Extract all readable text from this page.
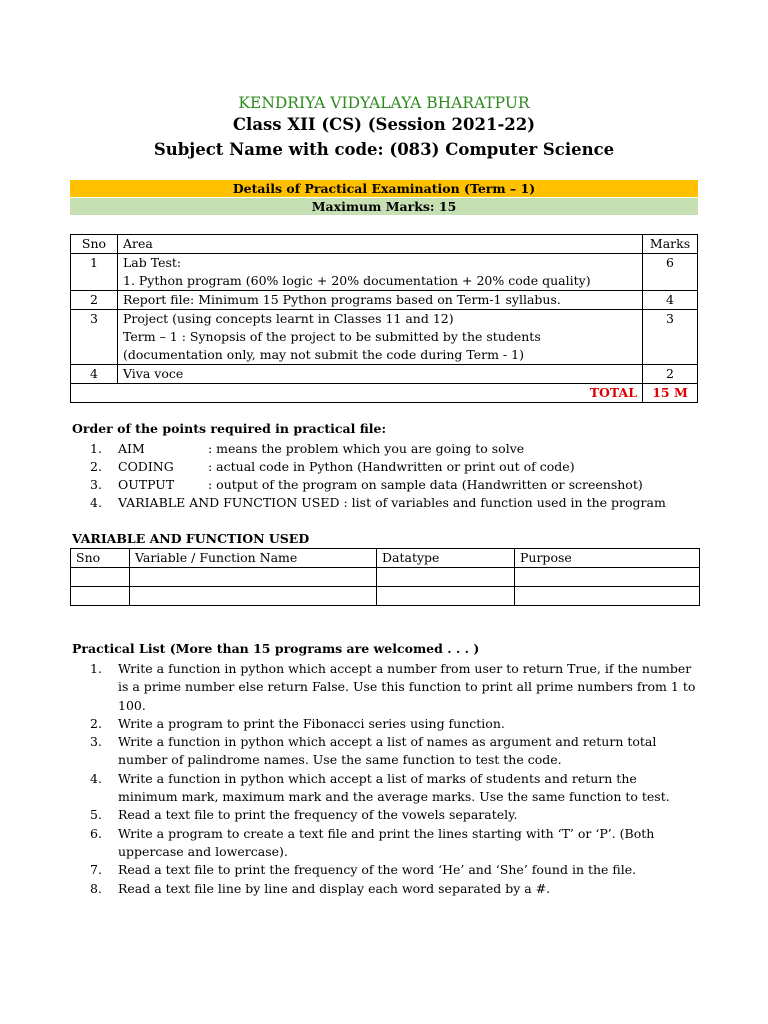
KENDRIYA VIDYALAYA BHARATPUR
Class XII (CS) (Session 2021-22)
Subject Name with code: (083) Computer Science
Details of Practical Examination (Term – 1)
Maximum Marks: 15
Sno	Area	Marks
1	Lab Test:
1. Python program (60% logic + 20% documentation + 20% code quality)	6
2	Report file: Minimum 15 Python programs based on Term-1 syllabus.	4
3	Project (using concepts learnt in Classes 11 and 12)
Term – 1 : Synopsis of the project to be submitted by the students
(documentation only, may not submit the code during Term - 1)	3
4	Viva voce	2
TOTAL		15 M
Order of the points required in practical file:
1.	AIM	: means the problem which you are going to solve
2.	CODING	: actual code in Python (Handwritten or print out of code)
3.	OUTPUT	: output of the program on sample data (Handwritten or screenshot)
4.	VARIABLE AND FUNCTION USED : list of variables and function used in the program
VARIABLE AND FUNCTION USED
Sno	Variable / Function Name	Datatype	Purpose

Practical List (More than 15 programs are welcomed . . . )
1. Write a function in python which accept a number from user to return True, if the number is a prime number else return False. Use this function to print all prime numbers from 1 to 100.
2. Write a program to print the Fibonacci series using function.
3. Write a function in python which accept a list of names as argument and return total number of palindrome names. Use the same function to test the code.
4. Write a function in python which accept a list of marks of students and return the minimum mark, maximum mark and the average marks. Use the same function to test.
5. Read a text file to print the frequency of the vowels separately.
6. Write a program to create a text file and print the lines starting with ‘T’ or ‘P’. (Both uppercase and lowercase).
7. Read a text file to print the frequency of the word ‘He’ and ‘She’ found in the file.
8. Read a text file line by line and display each word separated by a #.
